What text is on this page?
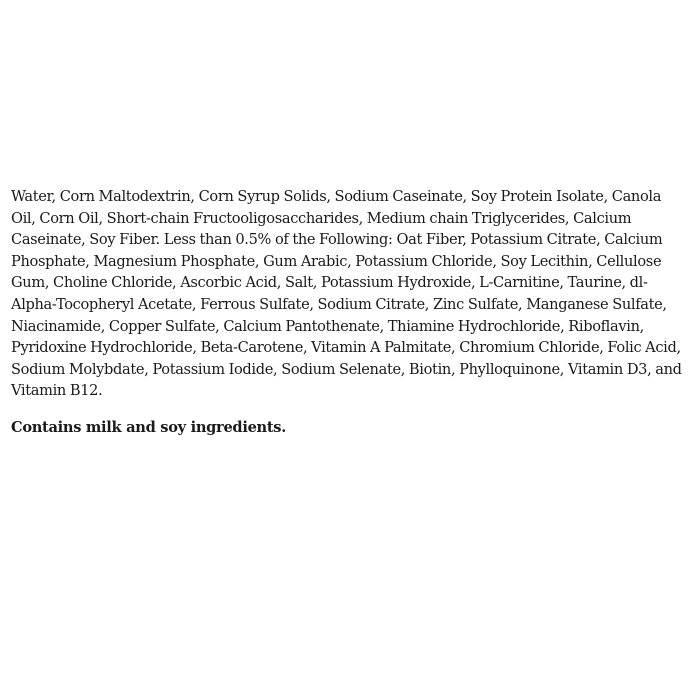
Water, Corn Maltodextrin, Corn Syrup Solids, Sodium Caseinate, Soy Protein Isolate, Canola Oil, Corn Oil, Short-chain Fructooligosaccharides, Medium chain Triglycerides, Calcium Caseinate, Soy Fiber. Less than 0.5% of the Following: Oat Fiber, Potassium Citrate, Calcium Phosphate, Magnesium Phosphate, Gum Arabic, Potassium Chloride, Soy Lecithin, Cellulose Gum, Choline Chloride, Ascorbic Acid, Salt, Potassium Hydroxide, L-Carnitine, Taurine, dl-Alpha-Tocopheryl Acetate, Ferrous Sulfate, Sodium Citrate, Zinc Sulfate, Manganese Sulfate, Niacinamide, Copper Sulfate, Calcium Pantothenate, Thiamine Hydrochloride, Riboflavin, Pyridoxine Hydrochloride, Beta-Carotene, Vitamin A Palmitate, Chromium Chloride, Folic Acid, Sodium Molybdate, Potassium Iodide, Sodium Selenate, Biotin, Phylloquinone, Vitamin D3, and Vitamin B12.

Contains milk and soy ingredients.
